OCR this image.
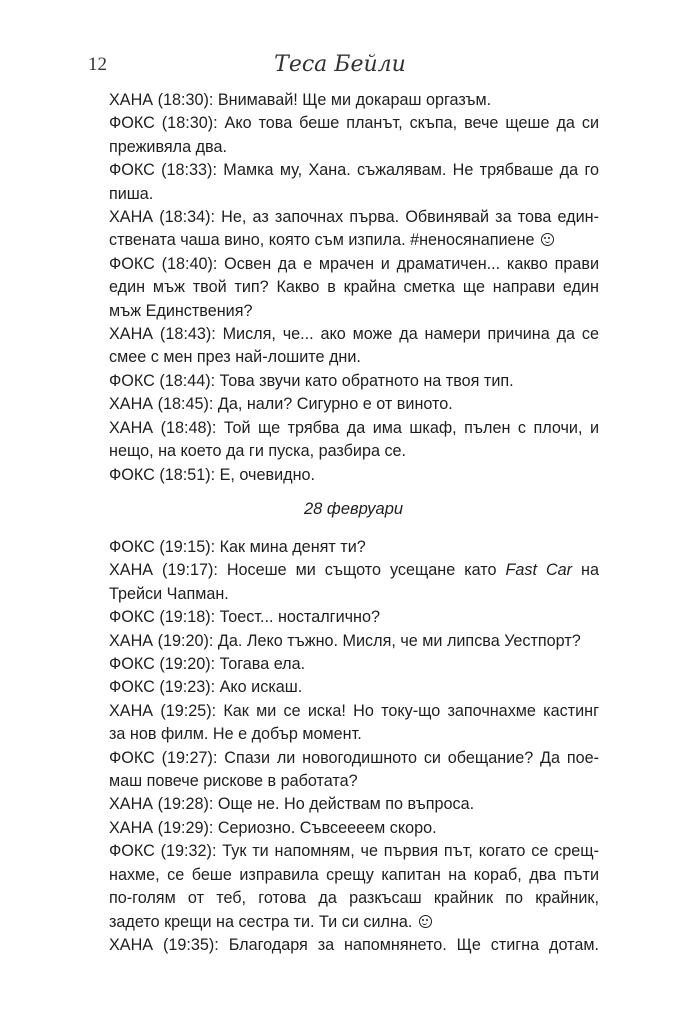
12	Теса Бейли

ХАНА (18:30): Внимавай! Ще ми докараш оргазъм.

ФОКС (18:30): Ако това беше планът, скъпа, вече щеше да си

преживяла два.

ФОКС (18:33): Мамка му, Хана. съжалявам. Не трябваше да го

пиша.

ХАНА (18:34): Не, аз започнах първа. Обвинявай за това един-

ствената чаша вино, която съм изпила. #неносянапиене

ФОКС (18:40): Освен да е мрачен и драматичен... какво прави

един мъж твой тип? Какво в крайна сметка ще направи един

мъж Единствения?

ХАНА (18:43): Мисля, че... ако може да намери причина да се

смее с мен през най-лошите дни.

ФОКС (18:44): Това звучи като обратното на твоя тип.

ХАНА (18:45): Да, нали? Сигурно е от виното.

ХАНА (18:48): Той ще трябва да има шкаф, пълен с плочи, и

нещо, на което да ги пуска, разбира се.

ФОКС (18:51): Е, очевидно.

28 февруари

ФОКС (19:15): Как мина денят ти?

ХАНА (19:17): Носеше ми същото усещане като Fast Car на

Трейси Чапман.

ФОКС (19:18): Тоест... носталгично?

ХАНА (19:20): Да. Леко тъжно. Мисля, че ми липсва Уестпорт?

ФОКС (19:20): Тогава ела.

ФОКС (19:23): Ако искаш.

ХАНА (19:25): Как ми се иска! Но току-що започнахме кастинг

за нов филм. Не е добър момент.

ФОКС (19:27): Спази ли новогодишното си обещание? Да пое-

маш повече рискове в работата?

ХАНА (19:28): Още не. Но действам по въпроса.

ХАНА (19:29): Сериозно. Съвсеееем скоро.

ФОКС (19:32): Тук ти напомням, че първия път, когато се срещ-

нахме, се беше изправила срещу капитан на кораб, два пъти

по-голям от теб, готова да разкъсаш крайник по крайник,

задето крещи на сестра ти. Ти си силна.

ХАНА (19:35): Благодаря за напомнянето. Ще стигна дотам.
